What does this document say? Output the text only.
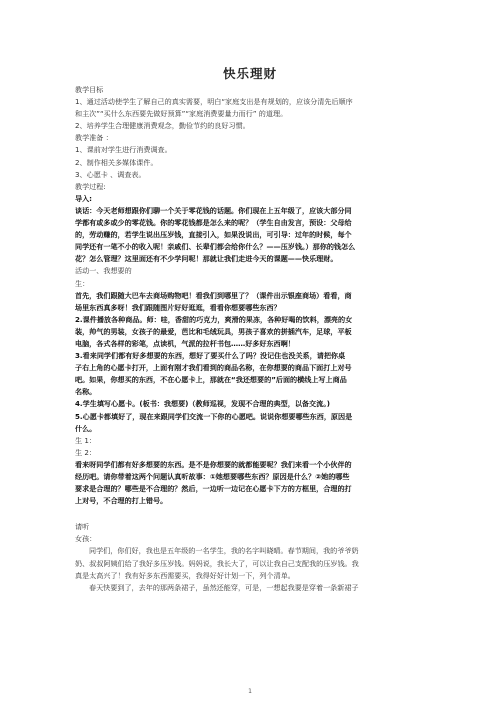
快乐理财
教学目标
1、通过活动使学生了解自己的真实需要，明白“家庭支出是有规划的，应该分清先后顺序
和主次”“买什么东西要先做好预算”“家庭消费要量力而行” 的道理。
2、培养学生合理健康消费观念，勤俭节约的良好习惯。
教学准备 ：
1、课前对学生进行消费调查。
2、制作相关多媒体课件。
3、心愿卡 、调查表。
教学过程:
导入:
谈话：今天老师想跟你们聊一个关于零花钱的话题。你们现在上五年级了，应该大部分同
学都有或多或少的零花钱。你的零花钱都是怎么来的呢？（学生自由发言，预设：父母给
的，劳动赚的，若学生说出压岁钱，直接引入，如果没说出，可引导：过年的时候，每个
同学还有一笔不小的收入呢！亲戚们、长辈们都会给你什么？——压岁钱。）那你的钱怎么
花？怎么管理？这里面还有不少学问呢！那就让我们走进今天的课题——快乐理财。
活动一、我想要的
生：
首先，我们跟随大巴车去商场购物吧！看我们到哪里了？（课件出示银座商场）看看，商
场里东西真多呀！我们跟随图片好好逛逛，看看你想要哪些东西？
2.课件播放各种商品。师：哇，香甜的巧克力，爽滑的果冻，各种好喝的饮料，漂亮的女
装，帅气的男装，女孩子的最爱，芭比和毛绒玩具，男孩子喜欢的拼插汽车，足球，平板
电脑，各式各样的彩笔，点读机，气派的拉杆书包……好多好东西啊！
3.看来同学们都有好多想要的东西，想好了要买什么了吗？没记住也没关系，请把你桌
子右上角的心愿卡打开，上面有刚才我们看到的商品名称，在你想要的商品下面打上对号
吧。如果，你想买的东西，不在心愿卡上，那就在“我还想要的”后面的横线上写上商品
名称。
4.学生填写心愿卡。(板书：我想要)（教师巡视，发现不合理的典型，以备交流。)
5.心愿卡都填好了，现在来跟同学们交流一下你的心愿吧。说说你想要哪些东西，原因是
什么。
生 1：
生 2：
看来呀同学们都有好多想要的东西。是不是你想要的就都能要呢？我们来看一个小伙伴的
经历吧。请你带着这两个问题认真听故事：①她想要哪些东西？原因是什么？②她的哪些
要求是合理的？哪些是不合理的？然后，一边听一边记在心愿卡下方的方框里，合理的打
上对号，不合理的打上错号。
请听
女孩：
同学们，你们好，我也是五年级的一名学生，我的名字叫晓晴。春节期间，我的爷爷奶
奶、叔叔阿姨们给了我好多压岁钱。妈妈说，我长大了，可以让我自己支配我的压岁钱。我
真是太高兴了！我有好多东西需要买，我得好好计划一下，列个清单。
春天快要到了，去年的那两条裙子，虽然还能穿，可是，一想起我要是穿着一条新裙子
1
